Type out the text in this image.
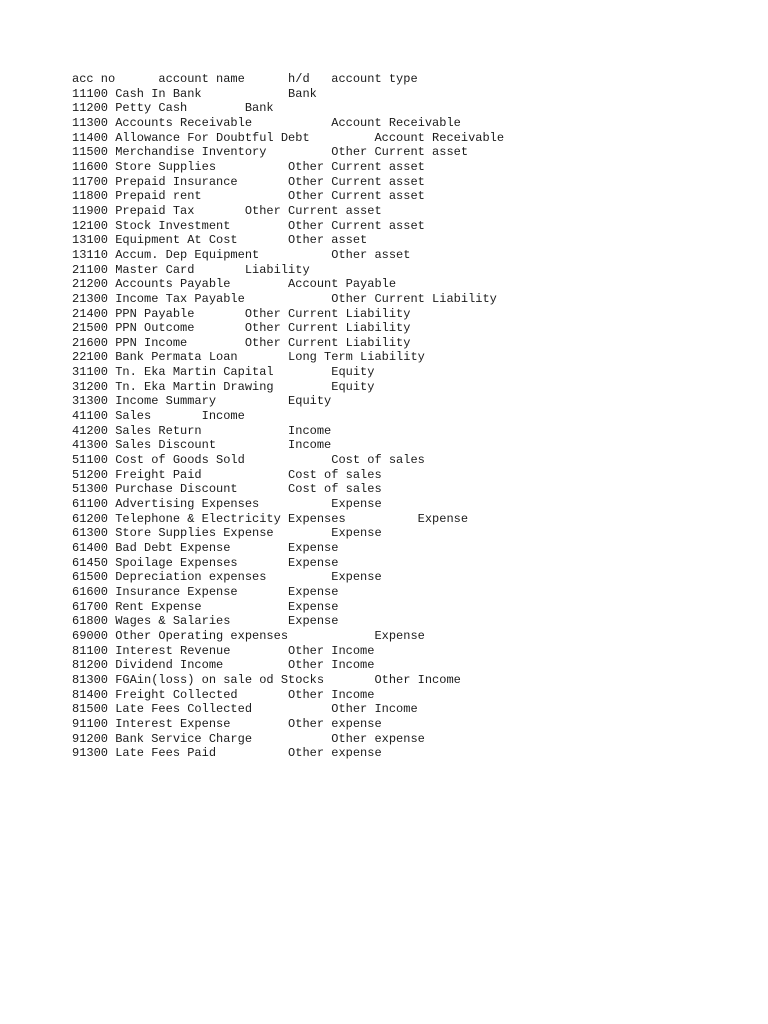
acc no      account name      h/d   account type
11100 Cash In Bank            Bank
11200 Petty Cash        Bank
11300 Accounts Receivable           Account Receivable
11400 Allowance For Doubtful Debt         Account Receivable
11500 Merchandise Inventory         Other Current asset
11600 Store Supplies          Other Current asset
11700 Prepaid Insurance       Other Current asset
11800 Prepaid rent            Other Current asset
11900 Prepaid Tax       Other Current asset
12100 Stock Investment        Other Current asset
13100 Equipment At Cost       Other asset
13110 Accum. Dep Equipment          Other asset
21100 Master Card       Liability
21200 Accounts Payable        Account Payable
21300 Income Tax Payable            Other Current Liability
21400 PPN Payable       Other Current Liability
21500 PPN Outcome       Other Current Liability
21600 PPN Income        Other Current Liability
22100 Bank Permata Loan       Long Term Liability
31100 Tn. Eka Martin Capital        Equity
31200 Tn. Eka Martin Drawing        Equity
31300 Income Summary          Equity
41100 Sales       Income
41200 Sales Return            Income
41300 Sales Discount          Income
51100 Cost of Goods Sold            Cost of sales
51200 Freight Paid            Cost of sales
51300 Purchase Discount       Cost of sales
61100 Advertising Expenses          Expense
61200 Telephone & Electricity Expenses          Expense
61300 Store Supplies Expense        Expense
61400 Bad Debt Expense        Expense
61450 Spoilage Expenses       Expense
61500 Depreciation expenses         Expense
61600 Insurance Expense       Expense
61700 Rent Expense            Expense
61800 Wages & Salaries        Expense
69000 Other Operating expenses            Expense
81100 Interest Revenue        Other Income
81200 Dividend Income         Other Income
81300 FGAin(loss) on sale od Stocks       Other Income
81400 Freight Collected       Other Income
81500 Late Fees Collected           Other Income
91100 Interest Expense        Other expense
91200 Bank Service Charge           Other expense
91300 Late Fees Paid          Other expense
